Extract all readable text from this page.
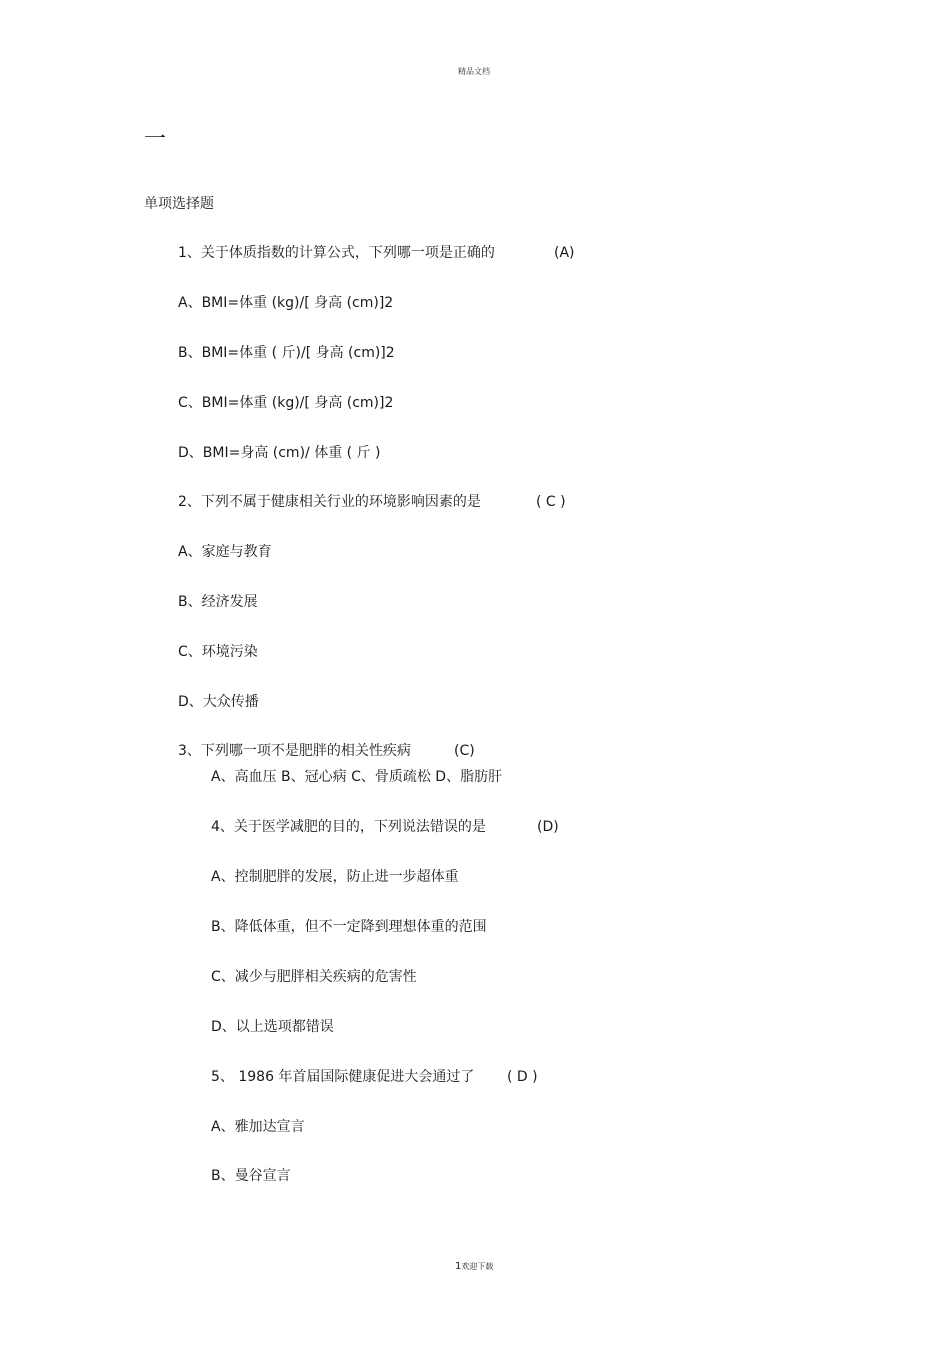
精品文档
一
单项选择题
1、关于体质指数的计算公式，下列哪一项是正确的	(A)
A、BMI=体重 (kg)/[ 身高 (cm)]2
B、BMI=体重 ( 斤)/[ 身高 (cm)]2
C、BMI=体重 (kg)/[ 身高 (cm)]2
D、BMI=身高 (cm)/ 体重 ( 斤 )
2、下列不属于健康相关行业的环境影响因素的是	( C )
A、家庭与教育
B、经济发展
C、环境污染
D、大众传播
3、下列哪一项不是肥胖的相关性疾病	(C)
A、高血压 B、冠心病 C、骨质疏松 D、脂肪肝
4、关于医学减肥的目的，下列说法错误的是	(D)
A、控制肥胖的发展，防止进一步超体重
B、降低体重，但不一定降到理想体重的范围
C、减少与肥胖相关疾病的危害性
D、以上选项都错误
5、 1986 年首届国际健康促进大会通过了 ( D )
A、雅加达宣言
B、曼谷宣言
1欢迎下载
